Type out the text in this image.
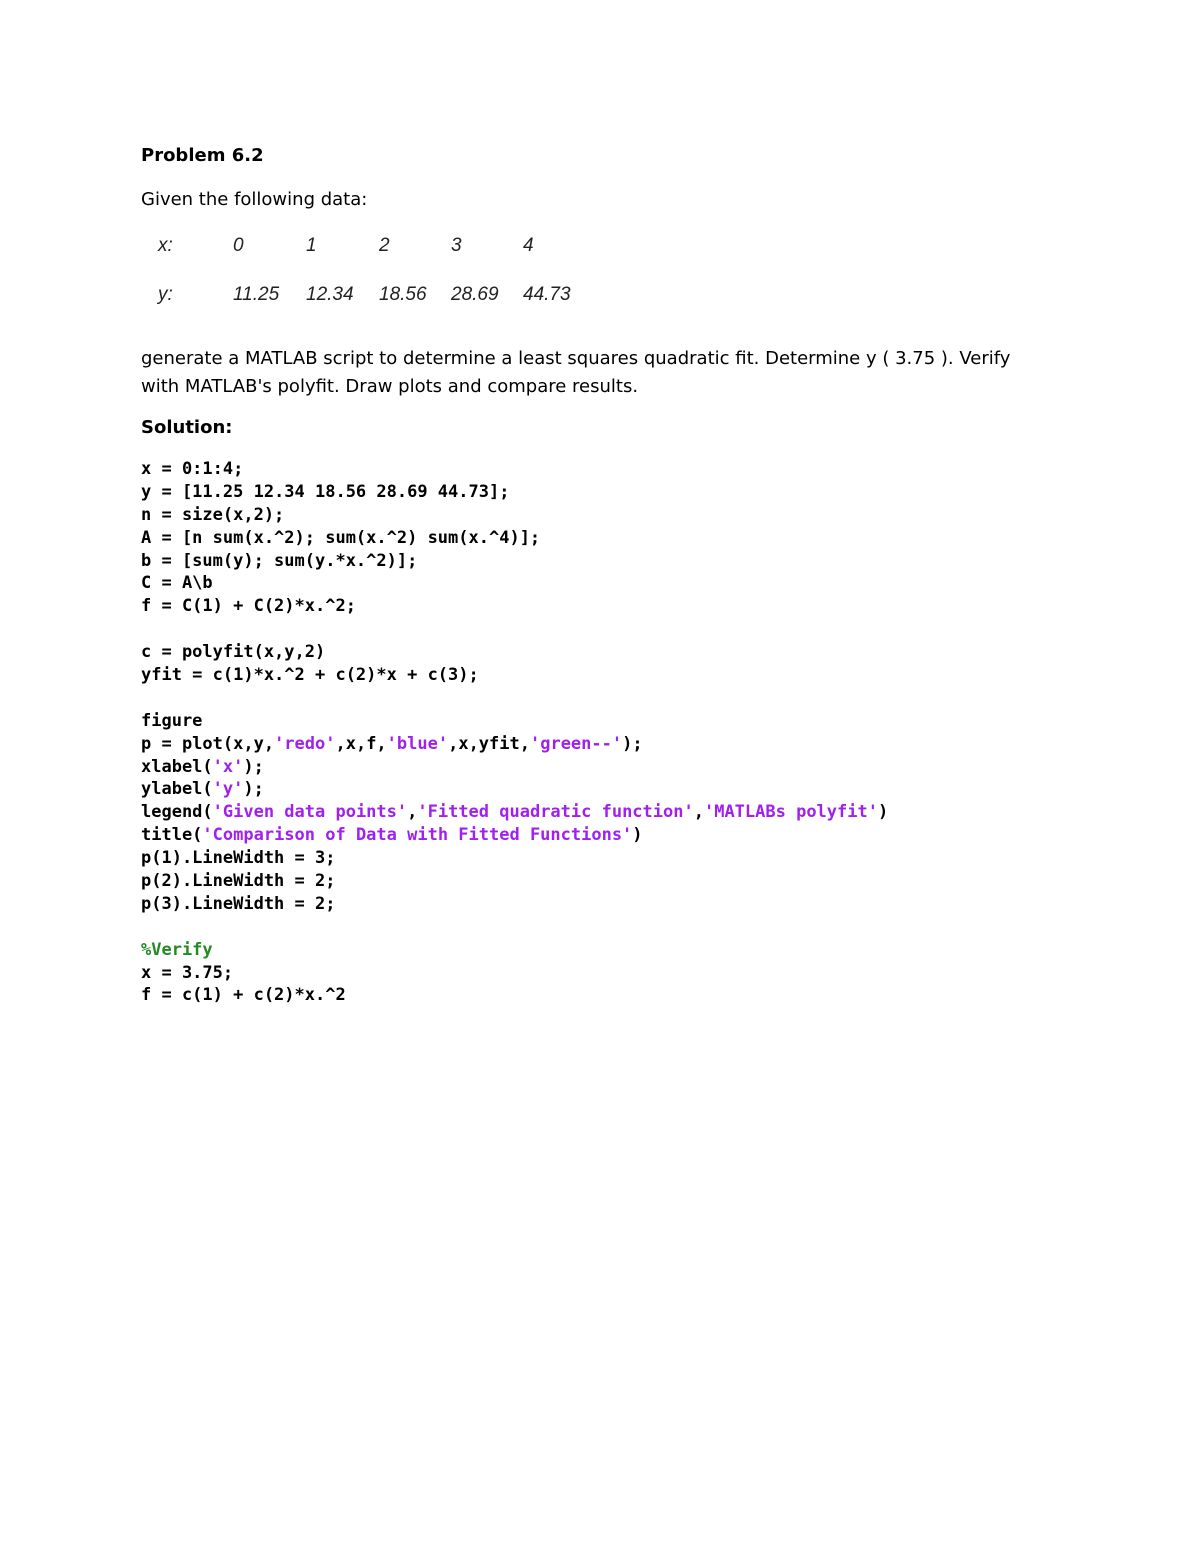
Problem 6.2
Given the following data:
x:	0	1	2	3	4
y:	11.25 12.34 18.56 28.69 44.73
generate a MATLAB script to determine a least squares quadratic fit. Determine y ( 3.75 ). Verify with MATLAB's polyfit. Draw plots and compare results.
Solution:
x = 0:1:4;
y = [11.25 12.34 18.56 28.69 44.73];
n = size(x,2);
A = [n sum(x.^2); sum(x.^2) sum(x.^4)];
b = [sum(y); sum(y.*x.^2)];
C = A\b
f = C(1) + C(2)*x.^2;
c = polyfit(x,y,2)
yfit = c(1)*x.^2 + c(2)*x + c(3);
figure
p = plot(x,y,'redo',x,f,'blue',x,yfit,'green--');
xlabel('x');
ylabel('y');
legend('Given data points','Fitted quadratic function','MATLABs polyfit')
title('Comparison of Data with Fitted Functions')
p(1).LineWidth = 3;
p(2).LineWidth = 2;
p(3).LineWidth = 2;
%Verify
x = 3.75;
f = c(1) + c(2)*x.^2
